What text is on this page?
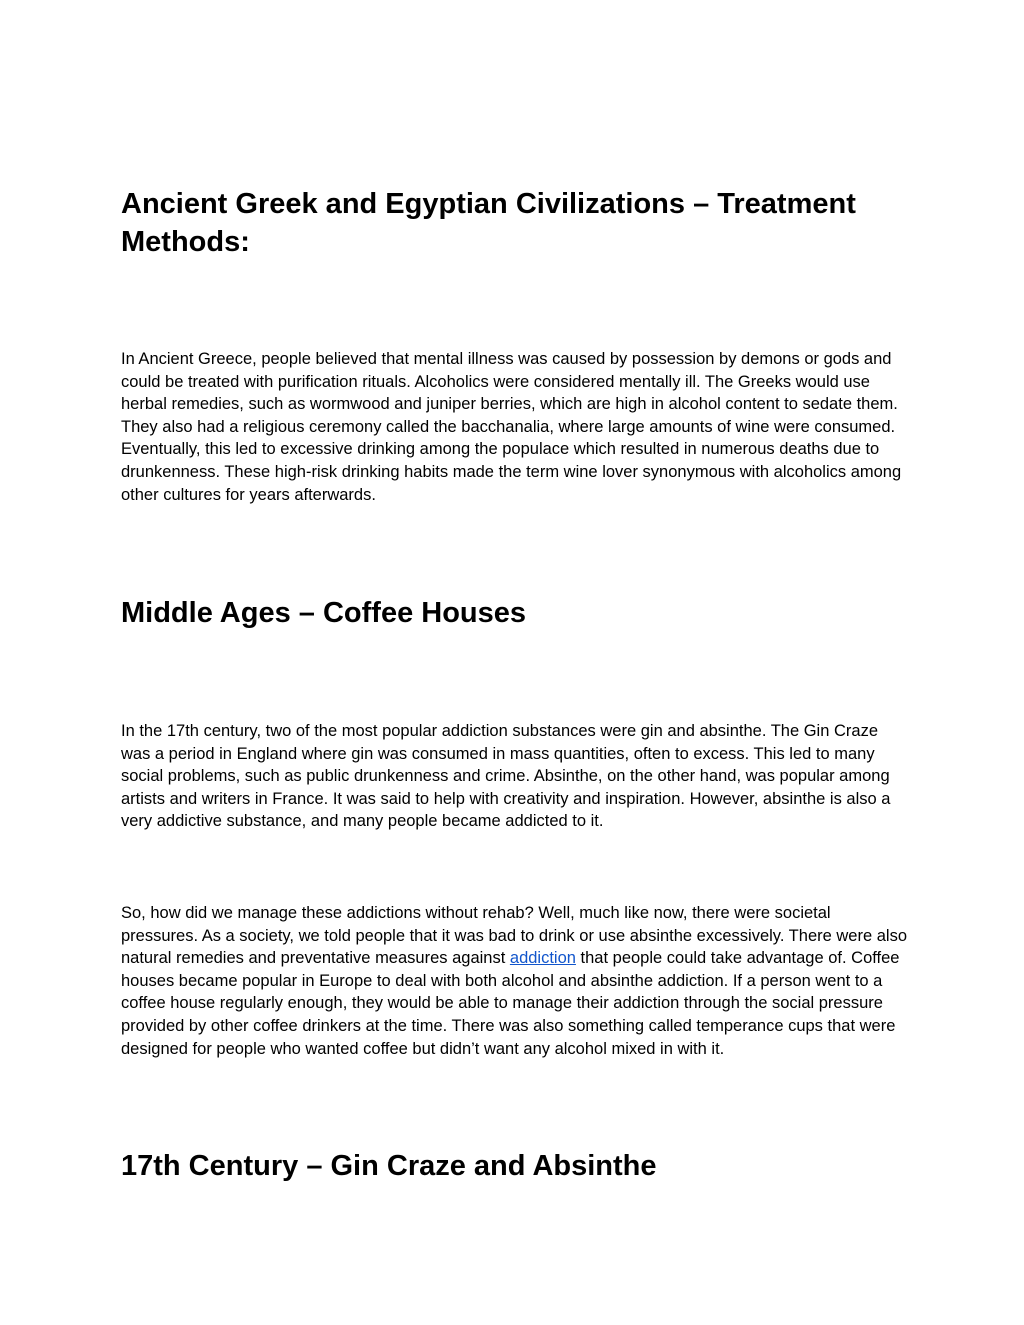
Ancient Greek and Egyptian Civilizations – Treatment Methods:

In Ancient Greece, people believed that mental illness was caused by possession by demons or gods and could be treated with purification rituals. Alcoholics were considered mentally ill. The Greeks would use herbal remedies, such as wormwood and juniper berries, which are high in alcohol content to sedate them. They also had a religious ceremony called the bacchanalia, where large amounts of wine were consumed. Eventually, this led to excessive drinking among the populace which resulted in numerous deaths due to drunkenness. These high-risk drinking habits made the term wine lover synonymous with alcoholics among other cultures for years afterwards.

Middle Ages – Coffee Houses

In the 17th century, two of the most popular addiction substances were gin and absinthe. The Gin Craze was a period in England where gin was consumed in mass quantities, often to excess. This led to many social problems, such as public drunkenness and crime. Absinthe, on the other hand, was popular among artists and writers in France. It was said to help with creativity and inspiration. However, absinthe is also a very addictive substance, and many people became addicted to it.

So, how did we manage these addictions without rehab? Well, much like now, there were societal pressures. As a society, we told people that it was bad to drink or use absinthe excessively. There were also natural remedies and preventative measures against addiction that people could take advantage of. Coffee houses became popular in Europe to deal with both alcohol and absinthe addiction. If a person went to a coffee house regularly enough, they would be able to manage their addiction through the social pressure provided by other coffee drinkers at the time. There was also something called temperance cups that were designed for people who wanted coffee but didn’t want any alcohol mixed in with it.

17th Century – Gin Craze and Absinthe
